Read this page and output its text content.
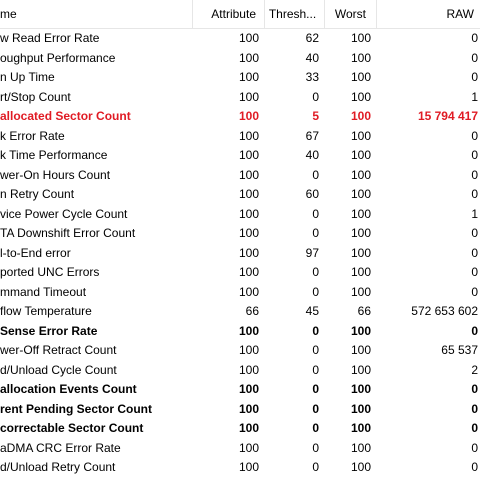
me	Attribute	Thresh...	Worst	RAW
w Read Error Rate	100	62	100	0
oughput Performance	100	40	100	0
n Up Time	100	33	100	0
rt/Stop Count	100	0	100	1
allocated Sector Count	100	5	100	15 794 417
k Error Rate	100	67	100	0
k Time Performance	100	40	100	0
wer-On Hours Count	100	0	100	0
n Retry Count	100	60	100	0
vice Power Cycle Count	100	0	100	1
TA Downshift Error Count	100	0	100	0
l-to-End error	100	97	100	0
ported UNC Errors	100	0	100	0
mmand Timeout	100	0	100	0
flow Temperature	66	45	66	572 653 602
Sense Error Rate	100	0	100	0
wer-Off Retract Count	100	0	100	65 537
d/Unload Cycle Count	100	0	100	2
allocation Events Count	100	0	100	0
rent Pending Sector Count	100	0	100	0
correctable Sector Count	100	0	100	0
aDMA CRC Error Rate	100	0	100	0
d/Unload Retry Count	100	0	100	0
